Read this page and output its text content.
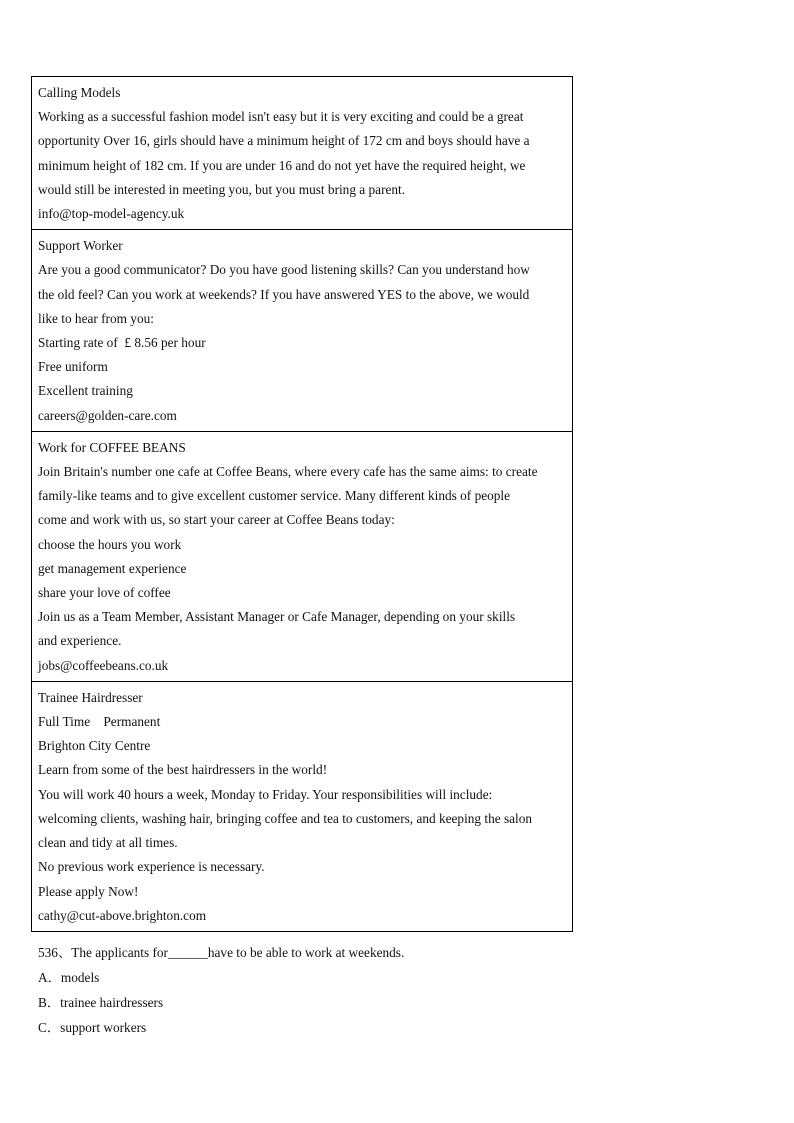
Calling Models
Working as a successful fashion model isn't easy but it is very exciting and could be a great
opportunity Over 16, girls should have a minimum height of 172 cm and boys should have a
minimum height of 182 cm. If you are under 16 and do not yet have the required height, we
would still be interested in meeting you, but you must bring a parent.
info@top-model-agency.uk
Support Worker
Are you a good communicator? Do you have good listening skills? Can you understand how
the old feel? Can you work at weekends? If you have answered YES to the above, we would
like to hear from you:
Starting rate of  £ 8.56 per hour
Free uniform
Excellent training
careers@golden-care.com
Work for COFFEE BEANS
Join Britain's number one cafe at Coffee Beans, where every cafe has the same aims: to create
family-like teams and to give excellent customer service. Many different kinds of people
come and work with us, so start your career at Coffee Beans today:
choose the hours you work
get management experience
share your love of coffee
Join us as a Team Member, Assistant Manager or Cafe Manager, depending on your skills
and experience.
jobs@coffeebeans.co.uk
Trainee Hairdresser
Full Time    Permanent
Brighton City Centre
Learn from some of the best hairdressers in the world!
You will work 40 hours a week, Monday to Friday. Your responsibilities will include:
welcoming clients, washing hair, bringing coffee and tea to customers, and keeping the salon
clean and tidy at all times.
No previous work experience is necessary.
Please apply Now!
cathy@cut-above.brighton.com
536、The applicants for______have to be able to work at weekends.
A．models
B．trainee hairdressers
C．support workers
